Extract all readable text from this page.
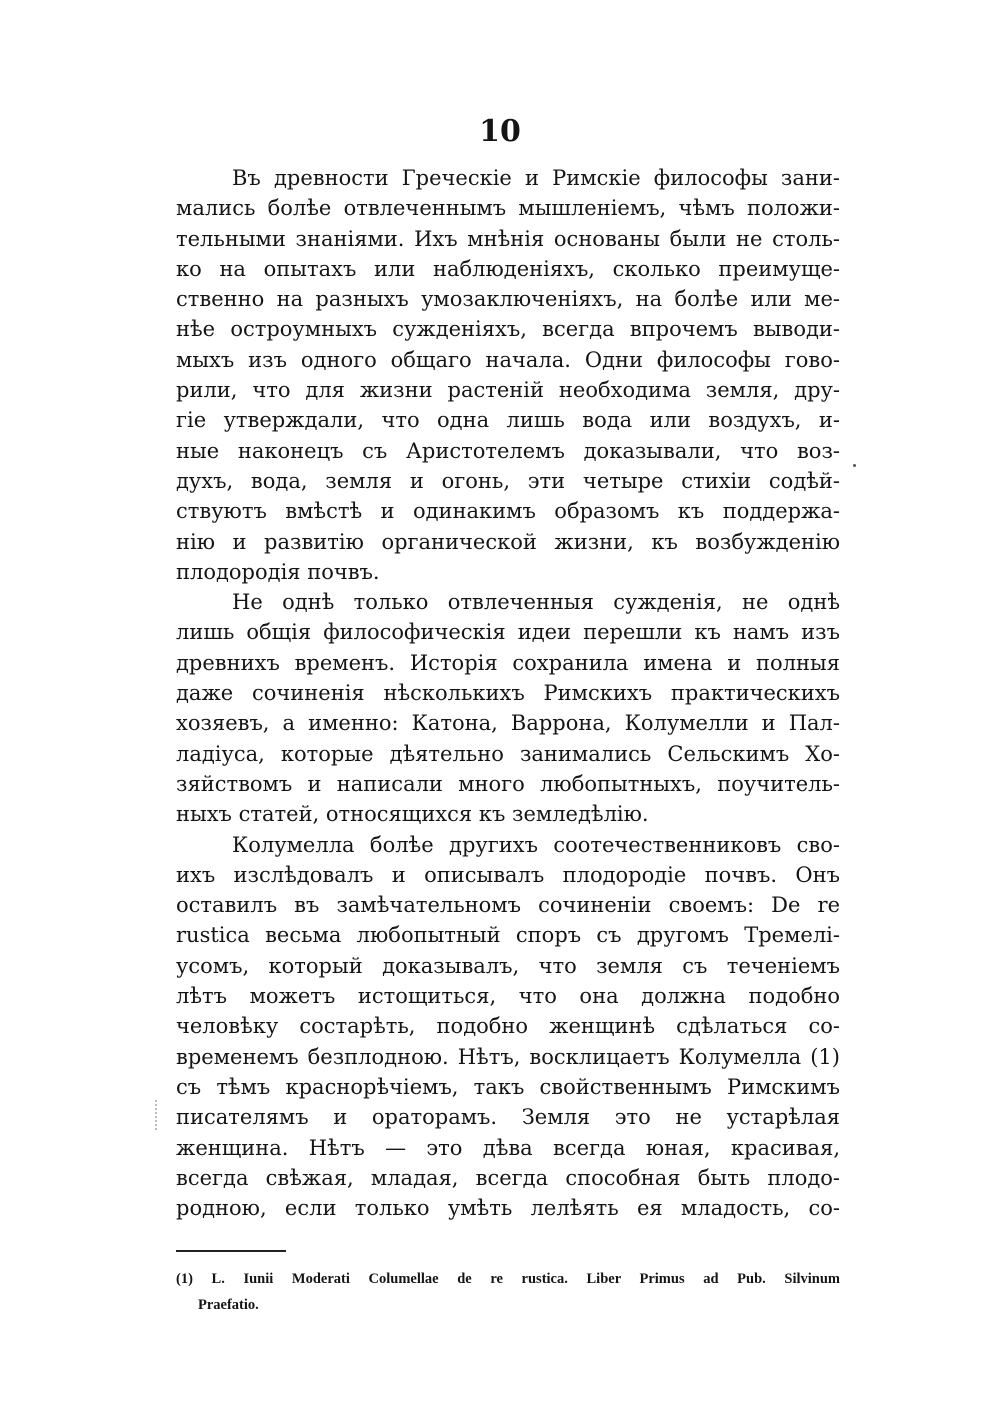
10
Въ древности Греческіе и Римскіе философы зани-
мались болѣе отвлеченнымъ мышленіемъ, чѣмъ положи-
тельными знаніями. Ихъ мнѣнія основаны были не столь-
ко на опытахъ или наблюденіяхъ, сколько преимуще-
ственно на разныхъ умозаключеніяхъ, на болѣе или ме-
нѣе остроумныхъ сужденіяхъ, всегда впрочемъ выводи-
мыхъ изъ одного общаго начала. Одни философы гово-
рили, что для жизни растеній необходима земля, дру-
гіе утверждали, что одна лишь вода или воздухъ, и-
ные наконецъ съ Аристотелемъ доказывали, что воз-
духъ, вода, земля и огонь, эти четыре стихіи содѣй-
ствуютъ вмѣстѣ и одинакимъ образомъ къ поддержа-
нію и развитію органической жизни, къ возбужденію
плодородія почвъ.
Не однѣ только отвлеченныя сужденія, не однѣ
лишь общія философическія идеи перешли къ намъ изъ
древнихъ временъ. Исторія сохранила имена и полныя
даже сочиненія нѣсколькихъ Римскихъ практическихъ
хозяевъ, а именно: Катона, Варрона, Колумелли и Пал-
ладіуса, которые дѣятельно занимались Сельскимъ Хо-
зяйствомъ и написали много любопытныхъ, поучитель-
ныхъ статей, относящихся къ земледѣлію.
Колумелла болѣе другихъ соотечественниковъ сво-
ихъ изслѣдовалъ и описывалъ плодородіе почвъ. Онъ
оставилъ въ замѣчательномъ сочиненіи своемъ: De re
rustica весьма любопытный споръ съ другомъ Тремелі-
усомъ, который доказывалъ, что земля съ теченіемъ
лѣтъ можетъ истощиться, что она должна подобно
человѣку состарѣть, подобно женщинѣ сдѣлаться со-
временемъ безплодною. Нѣтъ, восклицаетъ Колумелла (1)
съ тѣмъ краснорѣчіемъ, такъ свойственнымъ Римскимъ
писателямъ и ораторамъ. Земля это не устарѣлая
женщина. Нѣтъ — это дѣва всегда юная, красивая,
всегда свѣжая, младая, всегда способная быть плодо-
родною, если только умѣть лелѣять ея младость, со-
(1) L. Iunii Moderati Columellae de re rustica. Liber Primus ad Pub. Silvinum
Praefatio.
